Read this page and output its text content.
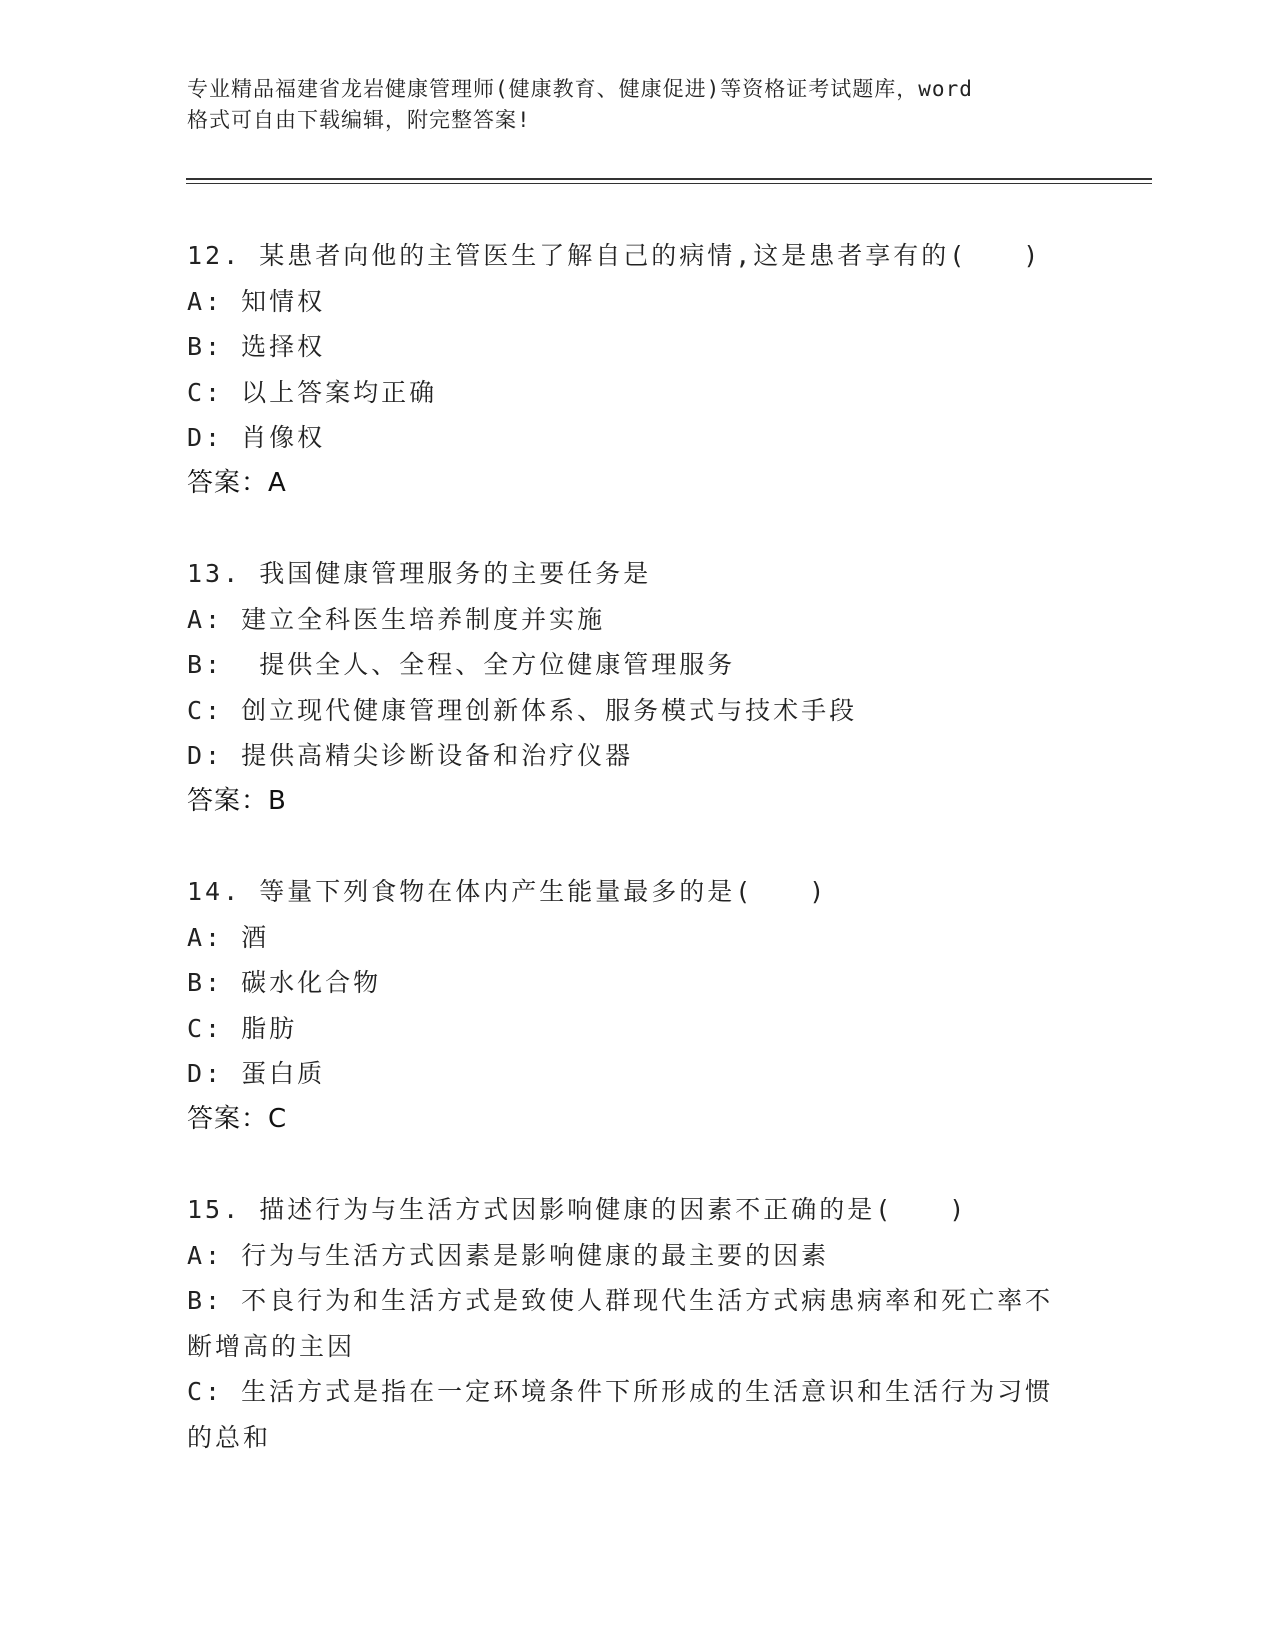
专业精品福建省龙岩健康管理师(健康教育、健康促进)等资格证考试题库，word
格式可自由下载编辑，附完整答案!
12. 某患者向他的主管医生了解自己的病情,这是患者享有的(　　)
A: 知情权
B: 选择权
C: 以上答案均正确
D: 肖像权
答案：A
13. 我国健康管理服务的主要任务是
A: 建立全科医生培养制度并实施
B:  提供全人、全程、全方位健康管理服务
C: 创立现代健康管理创新体系、服务模式与技术手段
D: 提供高精尖诊断设备和治疗仪器
答案：B
14. 等量下列食物在体内产生能量最多的是(　　)
A: 酒
B: 碳水化合物
C: 脂肪
D: 蛋白质
答案：C
15. 描述行为与生活方式因影响健康的因素不正确的是(　　)
A: 行为与生活方式因素是影响健康的最主要的因素
B: 不良行为和生活方式是致使人群现代生活方式病患病率和死亡率不断增高的主因
C: 生活方式是指在一定环境条件下所形成的生活意识和生活行为习惯的总和
